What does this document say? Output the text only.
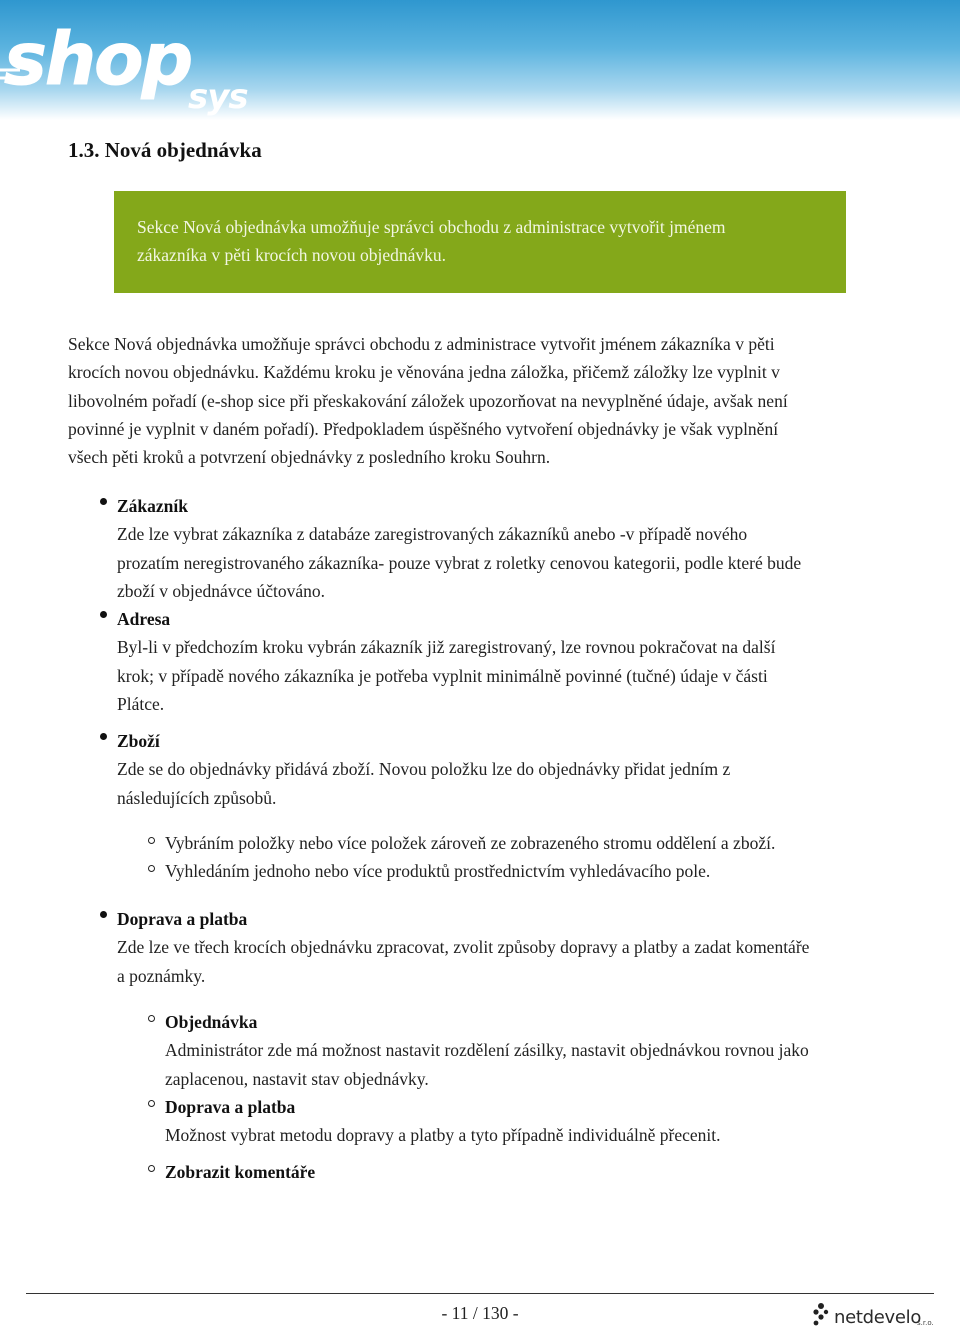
shop
sys
1.3. Nová objednávka

Sekce Nová objednávka umožňuje správci obchodu z administrace vytvořit jménem

zákazníka v pěti krocích novou objednávku.

Sekce Nová objednávka umožňuje správci obchodu z administrace vytvořit jménem zákazníka v pěti
krocích novou objednávku. Každému kroku je věnována jedna záložka, přičemž záložky lze vyplnit v
libovolném pořadí (e-shop sice při přeskakování záložek upozorňovat na nevyplněné údaje, avšak není
povinné je vyplnit v daném pořadí). Předpokladem úspěšného vytvoření objednávky je však vyplnění
všech pěti kroků a potvrzení objednávky z posledního kroku Souhrn.
Zákazník
Zde lze vybrat zákazníka z databáze zaregistrovaných zákazníků anebo -v případě nového
prozatím neregistrovaného zákazníka- pouze vybrat z roletky cenovou kategorii, podle které bude
zboží v objednávce účtováno.
Adresa
Byl-li v předchozím kroku vybrán zákazník již zaregistrovaný, lze rovnou pokračovat na další
krok; v případě nového zákazníka je potřeba vyplnit minimálně povinné (tučné) údaje v části
Plátce.
Zboží
Zde se do objednávky přidává zboží. Novou položku lze do objednávky přidat jedním z
následujících způsobů.
Vybráním položky nebo více položek zároveň ze zobrazeného stromu oddělení a zboží.
Vyhledáním jednoho nebo více produktů prostřednictvím vyhledávacího pole.
Doprava a platba
Zde lze ve třech krocích objednávku zpracovat, zvolit způsoby dopravy a platby a zadat komentáře
a poznámky.
Objednávka
Administrátor zde má možnost nastavit rozdělení zásilky, nastavit objednávkou rovnou jako
zaplacenou, nastavit stav objednávky.
Doprava a platba
Možnost vybrat metodu dopravy a platby a tyto případně individuálně přecenit.
Zobrazit komentáře
- 11 / 130 -	netdevelo
s.r.o.
